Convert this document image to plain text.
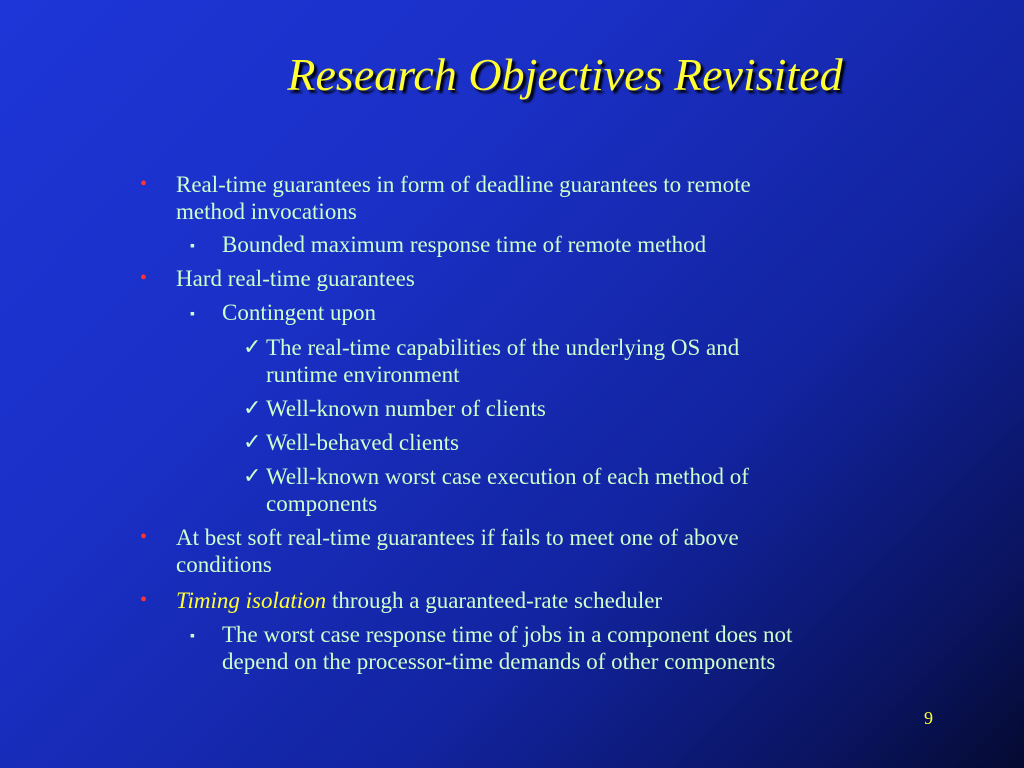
Research Objectives Revisited
• Real-time guarantees in form of deadline guarantees to remote
method invocations
▪ Bounded maximum response time of remote method
• Hard real-time guarantees
▪ Contingent upon
✓ The real-time capabilities of the underlying OS and
runtime environment
✓ Well-known number of clients
✓ Well-behaved clients
✓ Well-known worst case execution of each method of
components
• At best soft real-time guarantees if fails to meet one of above
conditions
• Timing isolation through a guaranteed-rate scheduler
▪ The worst case response time of jobs in a component does not
depend on the processor-time demands of other components
9
